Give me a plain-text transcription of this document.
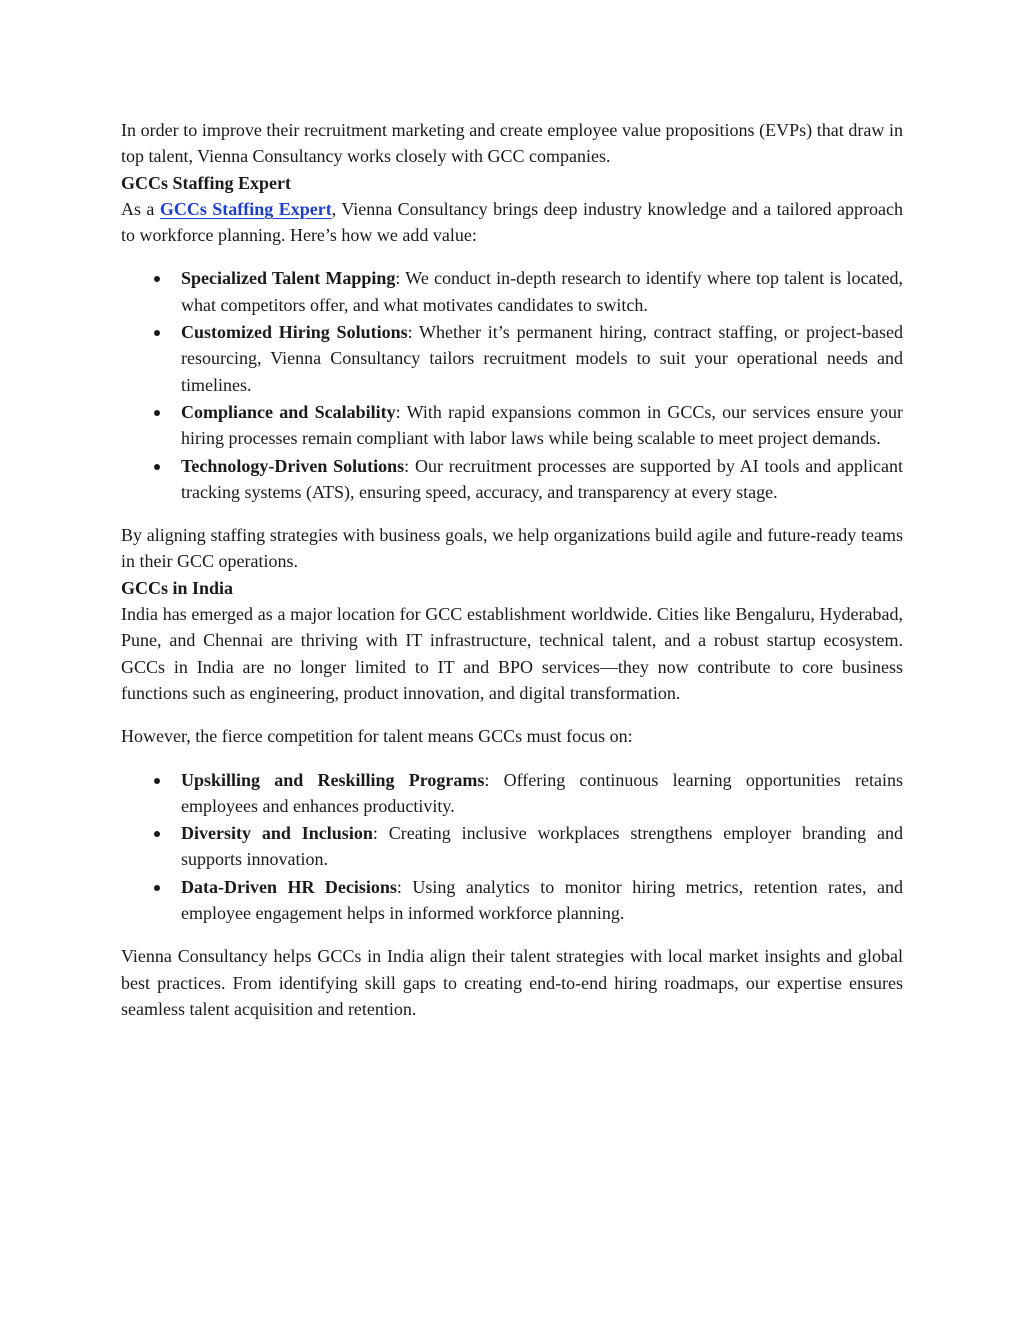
In order to improve their recruitment marketing and create employee value propositions (EVPs) that draw in top talent, Vienna Consultancy works closely with GCC companies.

GCCs Staffing Expert

As a GCCs Staffing Expert, Vienna Consultancy brings deep industry knowledge and a tailored approach to workforce planning. Here’s how we add value:

Specialized Talent Mapping: We conduct in-depth research to identify where top talent is located, what competitors offer, and what motivates candidates to switch.
Customized Hiring Solutions: Whether it’s permanent hiring, contract staffing, or project-based resourcing, Vienna Consultancy tailors recruitment models to suit your operational needs and timelines.
Compliance and Scalability: With rapid expansions common in GCCs, our services ensure your hiring processes remain compliant with labor laws while being scalable to meet project demands.
Technology-Driven Solutions: Our recruitment processes are supported by AI tools and applicant tracking systems (ATS), ensuring speed, accuracy, and transparency at every stage.

By aligning staffing strategies with business goals, we help organizations build agile and future-ready teams in their GCC operations.

GCCs in India

India has emerged as a major location for GCC establishment worldwide. Cities like Bengaluru, Hyderabad, Pune, and Chennai are thriving with IT infrastructure, technical talent, and a robust startup ecosystem. GCCs in India are no longer limited to IT and BPO services—they now contribute to core business functions such as engineering, product innovation, and digital transformation.

However, the fierce competition for talent means GCCs must focus on:

Upskilling and Reskilling Programs: Offering continuous learning opportunities retains employees and enhances productivity.
Diversity and Inclusion: Creating inclusive workplaces strengthens employer branding and supports innovation.
Data-Driven HR Decisions: Using analytics to monitor hiring metrics, retention rates, and employee engagement helps in informed workforce planning.

Vienna Consultancy helps GCCs in India align their talent strategies with local market insights and global best practices. From identifying skill gaps to creating end-to-end hiring roadmaps, our expertise ensures seamless talent acquisition and retention.
